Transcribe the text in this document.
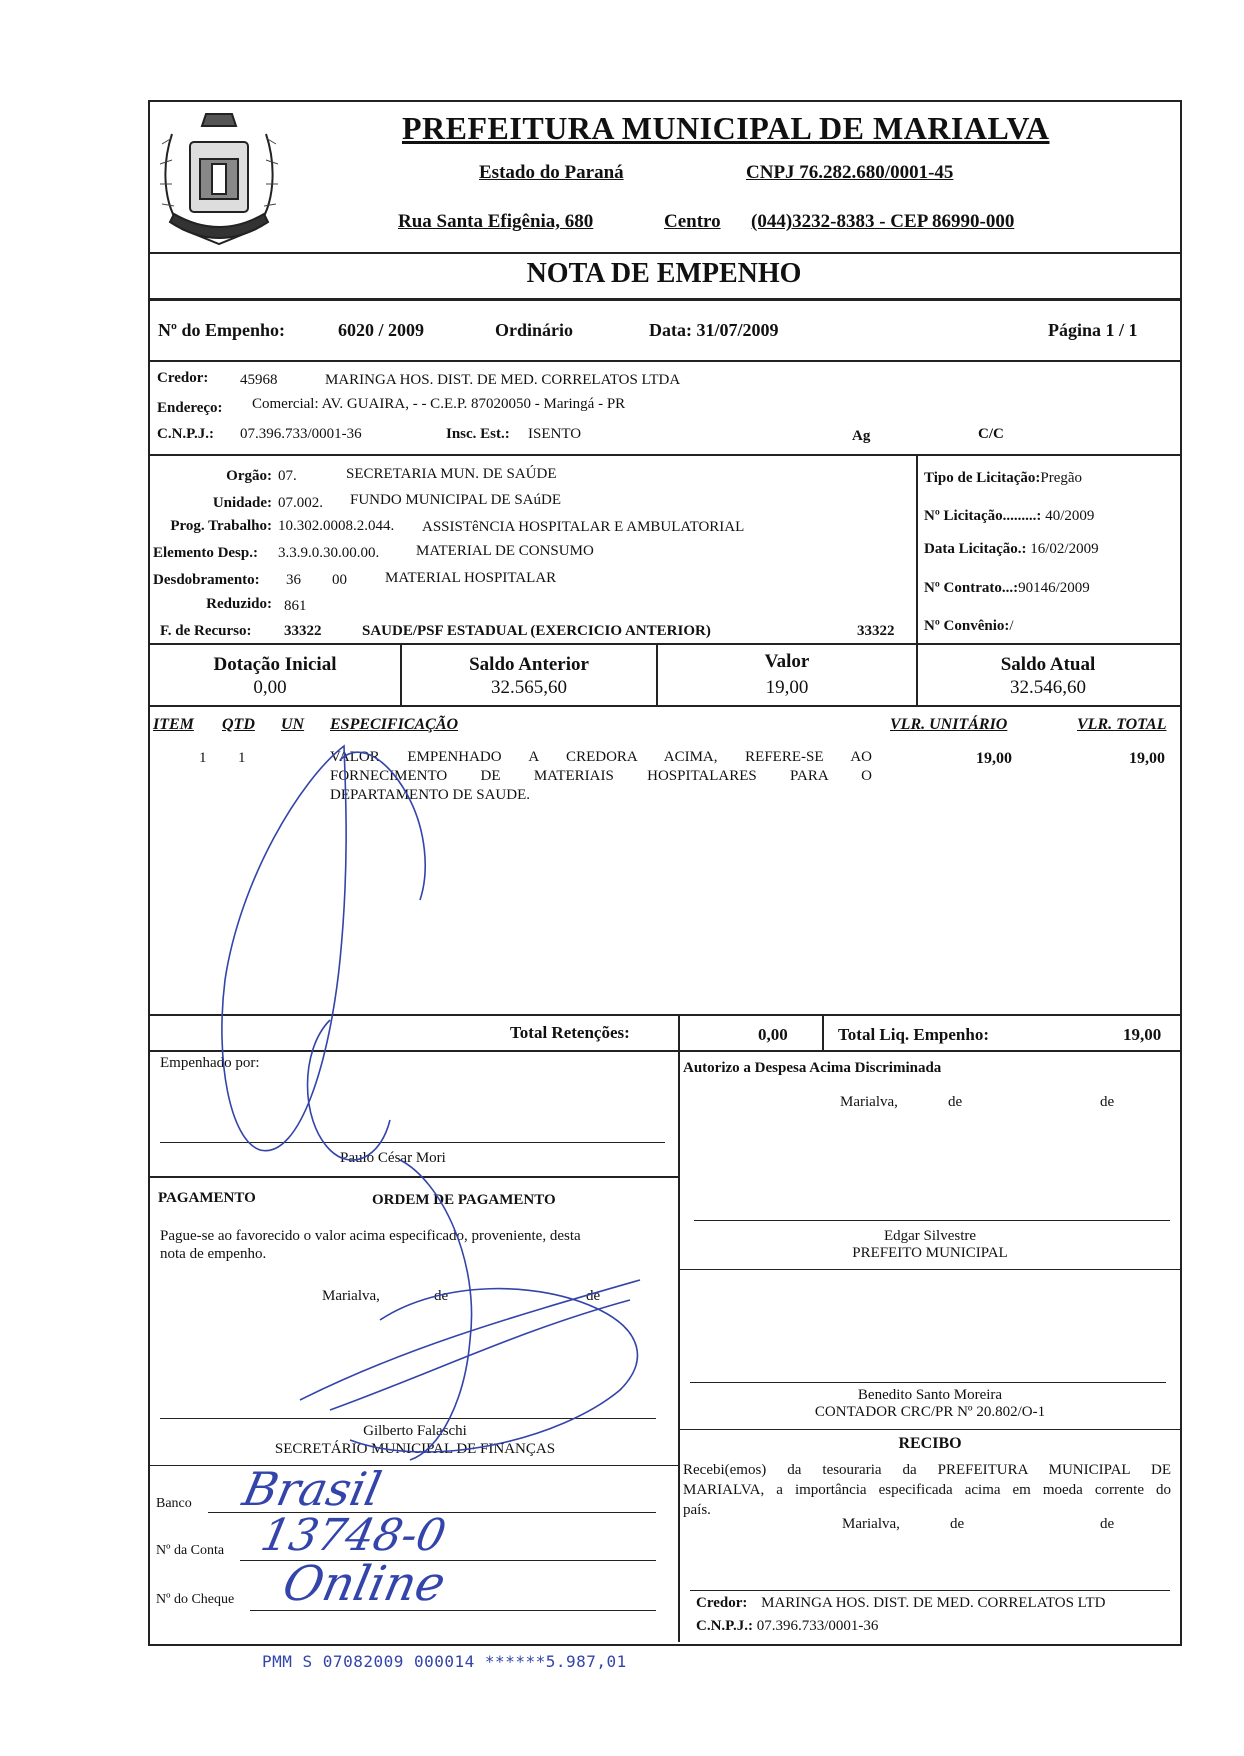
PREFEITURA MUNICIPAL DE MARIALVA
Estado do Paraná	CNPJ 76.282.680/0001-45
Rua Santa Efigênia, 680	Centro (044)3232-8383 - CEP 86990-000
NOTA DE EMPENHO
Nº do Empenho:	6020 / 2009	Ordinário	Data: 31/07/2009	Página 1 / 1
Credor: 45968	MARINGA HOS. DIST. DE MED. CORRELATOS LTDA
Endereço: Comercial: AV. GUAIRA, - - C.E.P. 87020050 - Maringá - PR
C.N.P.J.: 07.396.733/0001-36	Insc. Est.: ISENTO	Ag	C/C
Orgão: 07.	SECRETARIA MUN. DE SAÚDE
Unidade: 07.002. FUNDO MUNICIPAL DE SAúDE
Prog. Trabalho: 10.302.0008.2.044. ASSISTêNCIA HOSPITALAR E AMBULATORIAL
Elemento Desp.: 3.3.9.0.30.00.00. MATERIAL DE CONSUMO
Desdobramento: 36 00	MATERIAL HOSPITALAR
Reduzido: 861
F. de Recurso: 33322	SAUDE/PSF ESTADUAL (EXERCICIO ANTERIOR)	33322
Tipo de Licitação:Pregão
Nº Licitação.........: 40/2009
Data Licitação.: 16/02/2009
Nº Contrato...:90146/2009
Nº Convênio:/
Dotação Inicial
0,00
Saldo Anterior
32.565,60
Valor
19,00
Saldo Atual
32.546,60
ITEM QTD UN ESPECIFICAÇÃO	VLR. UNITÁRIO	VLR. TOTAL
1 1	VALOR EMPENHADO A CREDORA ACIMA, REFERE-SE AO
FORNECIMENTO DE MATERIAIS HOSPITALARES PARA O
DEPARTAMENTO DE SAUDE.
19,00	19,00
Total Retenções:	0,00	Total Liq. Empenho:	19,00
Empenhado por:
Paulo César Mori
Autorizo a Despesa Acima Discriminada
Marialva,	de	de
Edgar Silvestre
PREFEITO MUNICIPAL
Benedito Santo Moreira
CONTADOR CRC/PR Nº 20.802/O-1
PAGAMENTO	ORDEM DE PAGAMENTO
Pague-se ao favorecido o valor acima especificado, proveniente, desta
nota de empenho.
Marialva,	de	de
Gilberto Falaschi
SECRETÁRIO MUNICIPAL DE FINANÇAS
Banco Brasil
Nº da Conta 13748-0
Nº do Cheque Online
RECIBO
Recebi(emos) da tesouraria da PREFEITURA MUNICIPAL DE
MARIALVA, a importância especificada acima em moeda corrente do
país.
Marialva,	de	de
Credor: MARINGA HOS. DIST. DE MED. CORRELATOS LTD
C.N.P.J.: 07.396.733/0001-36
PMM S 07082009 000014 ******5.987,01
